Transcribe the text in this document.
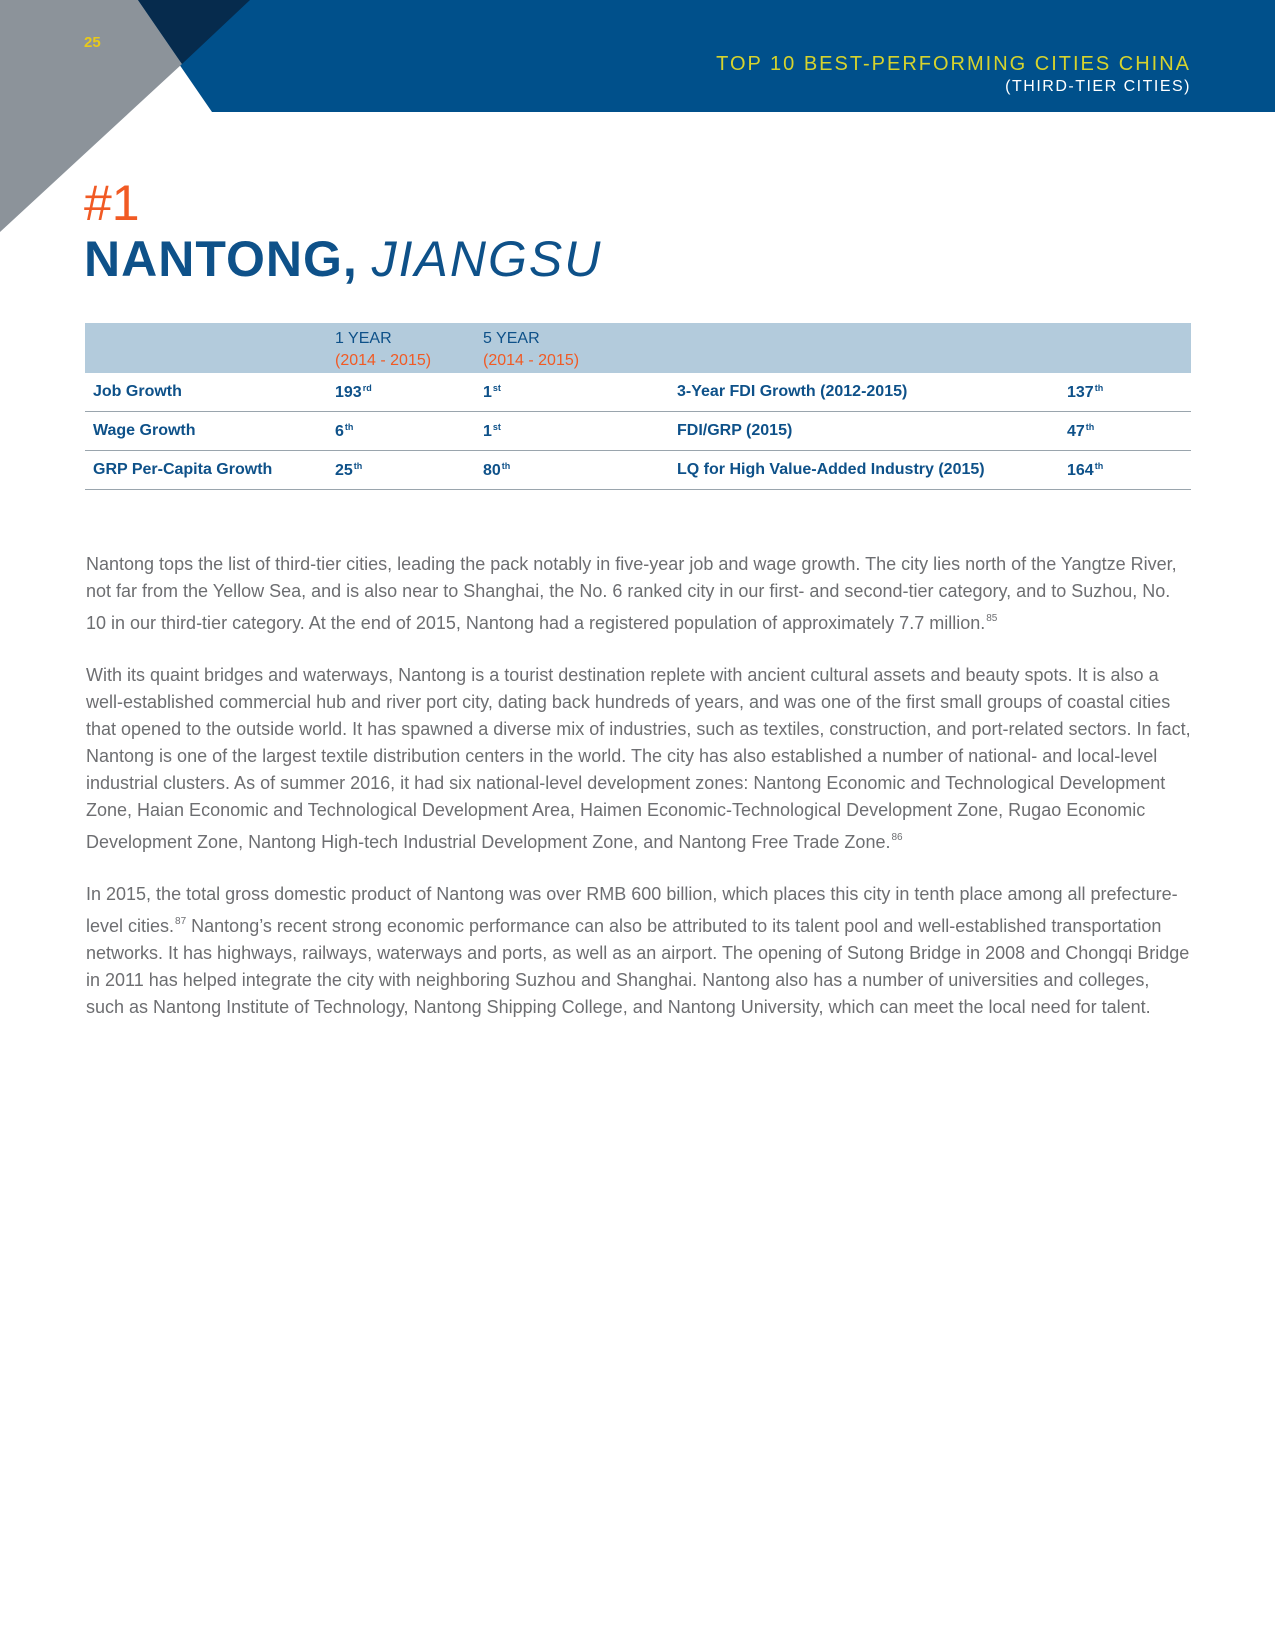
25
TOP 10 BEST-PERFORMING CITIES CHINA
(THIRD-TIER CITIES)
#1
NANTONG, JIANGSU
1 YEAR
(2014 - 2015)
5 YEAR
(2014 - 2015)
Job Growth	193rd	1st	3-Year FDI Growth (2012-2015)	137th
Wage Growth	6th	1st	FDI/GRP (2015)	47th
GRP Per-Capita Growth	25th	80th	LQ for High Value-Added Industry (2015)	164th

Nantong tops the list of third-tier cities, leading the pack notably in five-year job and wage growth. The city lies north of the Yangtze River, not far from the Yellow Sea, and is also near to Shanghai, the No. 6 ranked city in our first- and second-tier category, and to Suzhou, No. 10 in our third-tier category. At the end of 2015, Nantong had a registered population of approximately 7.7 million.$^{85}$

With its quaint bridges and waterways, Nantong is a tourist destination replete with ancient cultural assets and beauty spots. It is also a well-established commercial hub and river port city, dating back hundreds of years, and was one of the first small groups of coastal cities that opened to the outside world. It has spawned a diverse mix of industries, such as textiles, construction, and port-related sectors. In fact, Nantong is one of the largest textile distribution centers in the world. The city has also established a number of national- and local-level industrial clusters. As of summer 2016, it had six national-level development zones: Nantong Economic and Technological Development Zone, Haian Economic and Technological Development Area, Haimen Economic-Technological Development Zone, Rugao Economic Development Zone, Nantong High-tech Industrial Development Zone, and Nantong Free Trade Zone.$^{86}$

In 2015, the total gross domestic product of Nantong was over RMB 600 billion, which places this city in tenth place among all prefecture-level cities.$^{87}$ Nantong’s recent strong economic performance can also be attributed to its talent pool and well-established transportation networks. It has highways, railways, waterways and ports, as well as an airport. The opening of Sutong Bridge in 2008 and Chongqi Bridge in 2011 has helped integrate the city with neighboring Suzhou and Shanghai. Nantong also has a number of universities and colleges, such as Nantong Institute of Technology, Nantong Shipping College, and Nantong University, which can meet the local need for talent.
